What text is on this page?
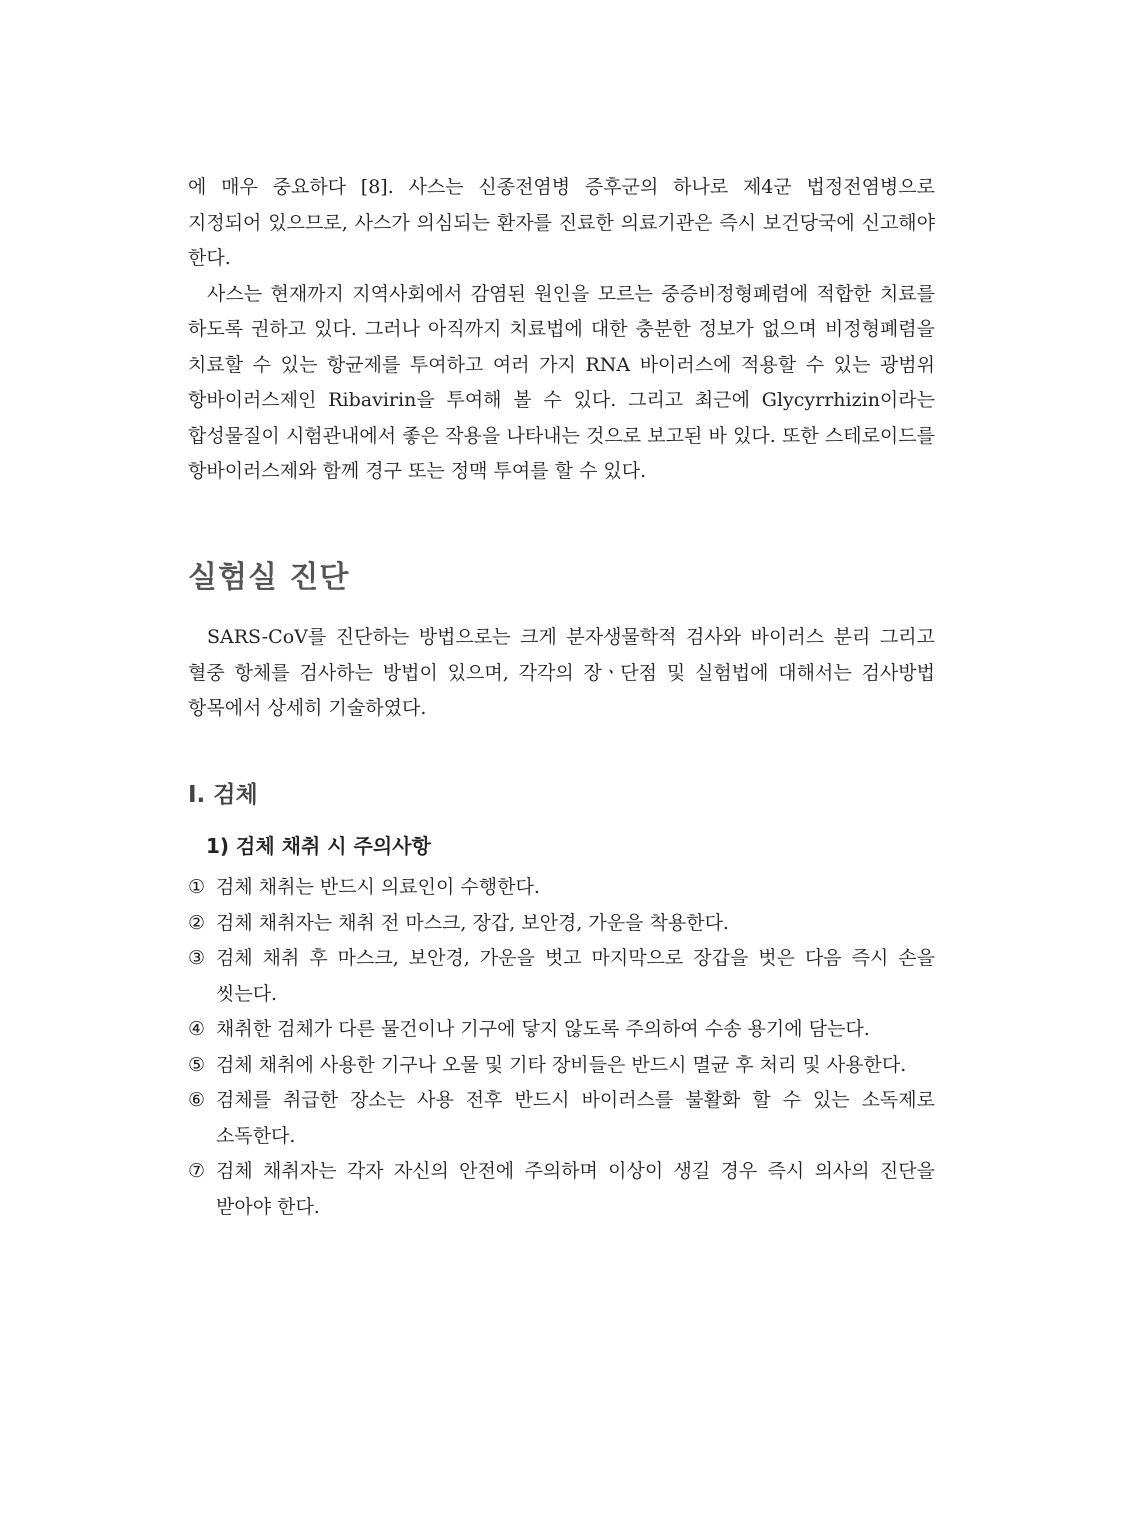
에 매우 중요하다 [8]. 사스는 신종전염병 증후군의 하나로 제4군 법정전염병으로 지정되어 있으므로, 사스가 의심되는 환자를 진료한 의료기관은 즉시 보건당국에 신고해야 한다.

사스는 현재까지 지역사회에서 감염된 원인을 모르는 중증비정형폐렴에 적합한 치료를 하도록 권하고 있다. 그러나 아직까지 치료법에 대한 충분한 정보가 없으며 비정형폐렴을 치료할 수 있는 항균제를 투여하고 여러 가지 RNA 바이러스에 적용할 수 있는 광범위 항바이러스제인 Ribavirin을 투여해 볼 수 있다. 그리고 최근에 Glycyrrhizin이라는 합성물질이 시험관내에서 좋은 작용을 나타내는 것으로 보고된 바 있다. 또한 스테로이드를 항바이러스제와 함께 경구 또는 정맥 투여를 할 수 있다.

실험실 진단

SARS-CoV를 진단하는 방법으로는 크게 분자생물학적 검사와 바이러스 분리 그리고 혈중 항체를 검사하는 방법이 있으며, 각각의 장ㆍ단점 및 실험법에 대해서는 검사방법 항목에서 상세히 기술하였다.

Ⅰ. 검체
1) 검체 채취 시 주의사항
① 검체 채취는 반드시 의료인이 수행한다.
② 검체 채취자는 채취 전 마스크, 장갑, 보안경, 가운을 착용한다.
③ 검체 채취 후 마스크, 보안경, 가운을 벗고 마지막으로 장갑을 벗은 다음 즉시 손을 씻는다.
④ 채취한 검체가 다른 물건이나 기구에 닿지 않도록 주의하여 수송 용기에 담는다.
⑤ 검체 채취에 사용한 기구나 오물 및 기타 장비들은 반드시 멸균 후 처리 및 사용한다.
⑥ 검체를 취급한 장소는 사용 전후 반드시 바이러스를 불활화 할 수 있는 소독제로 소독한다.
⑦ 검체 채취자는 각자 자신의 안전에 주의하며 이상이 생길 경우 즉시 의사의 진단을 받아야 한다.
